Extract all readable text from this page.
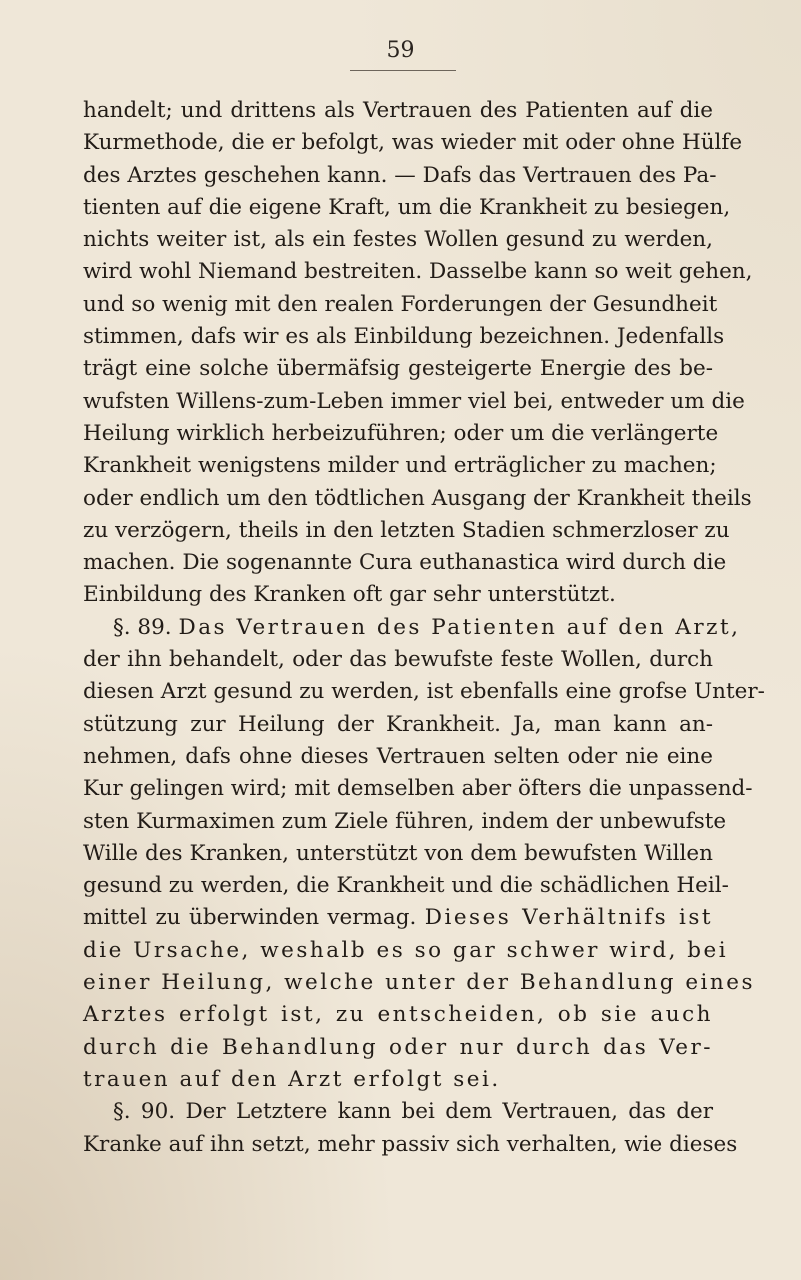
59
handelt; und drittens als Vertrauen des Patienten auf die
Kurmethode, die er befolgt, was wieder mit oder ohne Hülfe
des Arztes geschehen kann. — Dafs das Vertrauen des Pa-
tienten auf die eigene Kraft, um die Krankheit zu besiegen,
nichts weiter ist, als ein festes Wollen gesund zu werden,
wird wohl Niemand bestreiten. Dasselbe kann so weit gehen,
und so wenig mit den realen Forderungen der Gesundheit
stimmen, dafs wir es als Einbildung bezeichnen. Jedenfalls
trägt eine solche übermäfsig gesteigerte Energie des be-
wufsten Willens-zum-Leben immer viel bei, entweder um die
Heilung wirklich herbeizuführen; oder um die verlängerte
Krankheit wenigstens milder und erträglicher zu machen;
oder endlich um den tödtlichen Ausgang der Krankheit theils
zu verzögern, theils in den letzten Stadien schmerzloser zu
machen. Die sogenannte Cura euthanastica wird durch die
Einbildung des Kranken oft gar sehr unterstützt.
§. 89. Das Vertrauen des Patienten auf den Arzt,
der ihn behandelt, oder das bewufste feste Wollen, durch
diesen Arzt gesund zu werden, ist ebenfalls eine grofse Unter-
stützung zur Heilung der Krankheit. Ja, man kann an-
nehmen, dafs ohne dieses Vertrauen selten oder nie eine
Kur gelingen wird; mit demselben aber öfters die unpassend-
sten Kurmaximen zum Ziele führen, indem der unbewufste
Wille des Kranken, unterstützt von dem bewufsten Willen
gesund zu werden, die Krankheit und die schädlichen Heil-
mittel zu überwinden vermag. Dieses Verhältnifs ist
die Ursache, weshalb es so gar schwer wird, bei
einer Heilung, welche unter der Behandlung eines
Arztes erfolgt ist, zu entscheiden, ob sie auch
durch die Behandlung oder nur durch das Ver-
trauen auf den Arzt erfolgt sei.
§. 90. Der Letztere kann bei dem Vertrauen, das der
Kranke auf ihn setzt, mehr passiv sich verhalten, wie dieses
